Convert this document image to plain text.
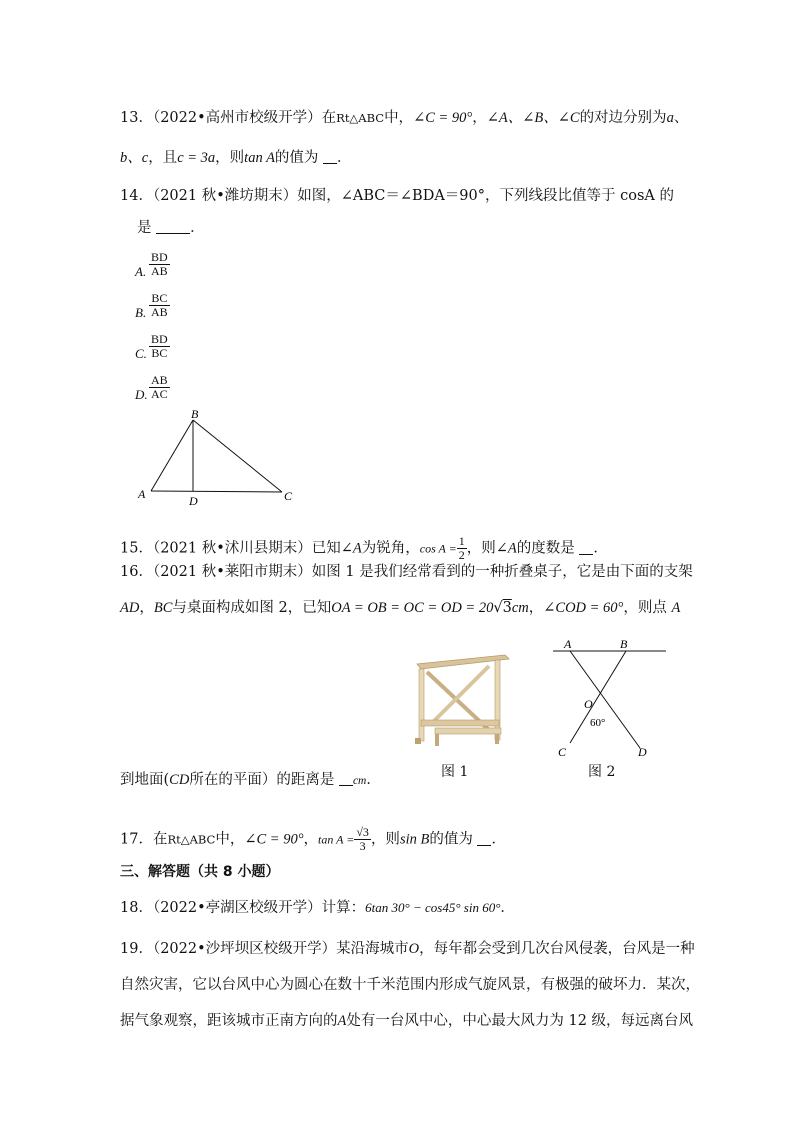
13．（2022•高州市校级开学）在Rt△ABC中，∠C = 90°，∠A、∠B、∠C的对边分别为a、
b、c，且c = 3a，则tan A的值为 ．
14．（2021 秋•潍坊期末）如图，∠ABC＝∠BDA＝90°，下列线段比值等于 cosA 的
是	．
A. $\frac{BD}{AB}$
B. $\frac{BC}{AB}$
C. $\frac{BD}{BC}$
D. $\frac{AB}{AC}$
B
A	D	C
15．（2021 秋•沭川县期末）已知∠A为锐角，$\cos A = \frac{1}{2}$ ，则∠A的度数是 ．
16．（2021 秋•莱阳市期末）如图 1 是我们经常看到的一种折叠桌子，它是由下面的支架
AD，BC与桌面构成如图 2，已知OA = OB = OC = OD = 20√3cm，∠COD = 60°，则点 A
图 1
A	B
O
60°
C	D
图 2
到地面(CD所在的平面）的距离是 cm．
17．在Rt△ABC中，∠C = 90°，$\tan A = \frac{√3}{3}$ ，则sin B的值为 ．
三、解答题（共 8 小题）
18．（2022•亭湖区校级开学）计算：6tan 30° − cos45° sin 60°．
19．（2022•沙坪坝区校级开学）某沿海城市O，每年都会受到几次台风侵袭，台风是一种
自然灾害，它以台风中心为圆心在数十千米范围内形成气旋风景，有极强的破坏力．某次，
据气象观察，距该城市正南方向的A处有一台风中心，中心最大风力为 12 级，每远离台风
